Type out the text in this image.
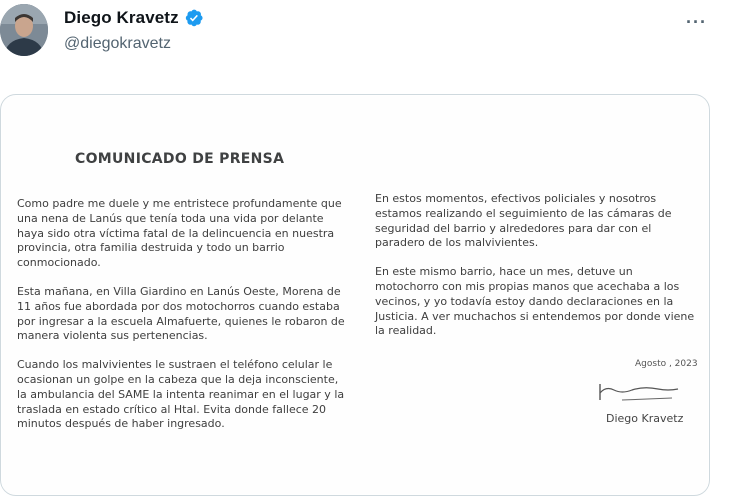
Diego Kravetz
@diegokravetz
···
COMUNICADO DE PRENSA

Como padre me duele y me entristece profundamente que una nena de Lanús que tenía toda una vida por delante haya sido otra víctima fatal de la delincuencia en nuestra provincia, otra familia destruida y todo un barrio conmocionado.

Esta mañana, en Villa Giardino en Lanús Oeste, Morena de 11 años fue abordada por dos motochorros cuando estaba por ingresar a la escuela Almafuerte, quienes le robaron de manera violenta sus pertenencias.

Cuando los malvivientes le sustraen el teléfono celular le ocasionan un golpe en la cabeza que la deja inconsciente, la ambulancia del SAME la intenta reanimar en el lugar y la traslada en estado crítico al Htal. Evita donde fallece 20 minutos después de haber ingresado.

En estos momentos, efectivos policiales y nosotros estamos realizando el seguimiento de las cámaras de seguridad del barrio y alrededores para dar con el paradero de los malvivientes.

En este mismo barrio, hace un mes, detuve un motochorro con mis propias manos que acechaba a los vecinos, y yo todavía estoy dando declaraciones en la Justicia. A ver muchachos si entendemos por donde viene la realidad.

Agosto , 2023
Diego Kravetz
